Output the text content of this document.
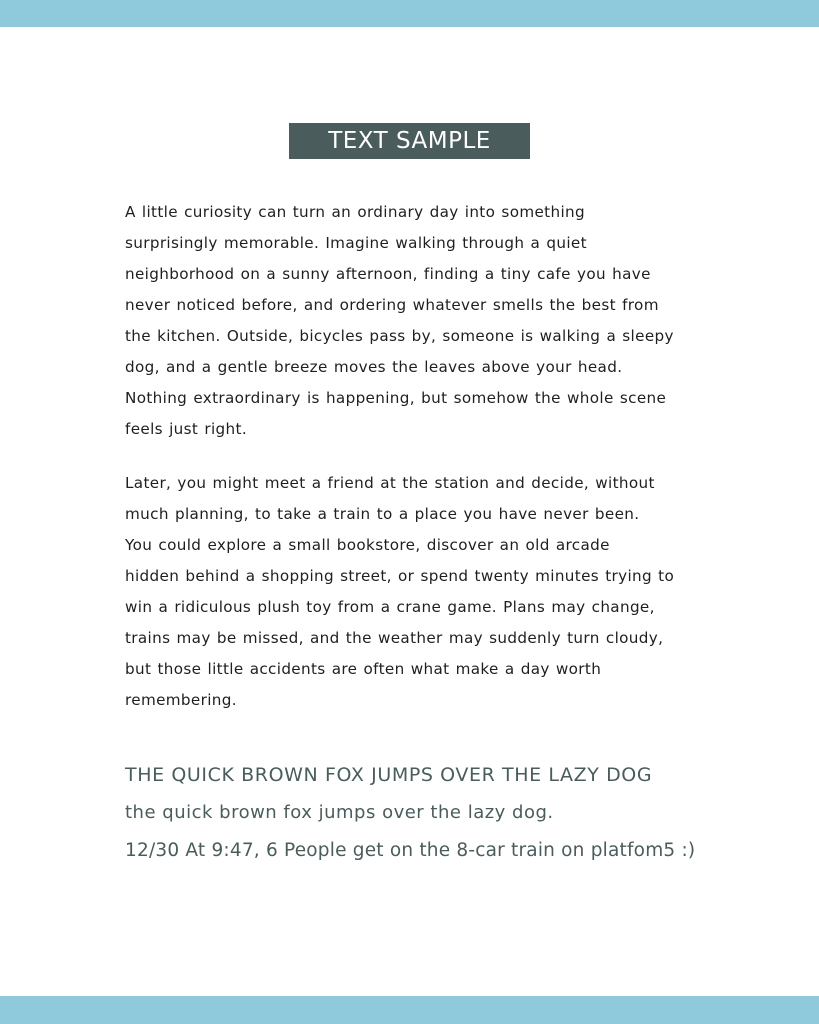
TEXT SAMPLE
A little curiosity can turn an ordinary day into something
surprisingly memorable. Imagine walking through a quiet
neighborhood on a sunny afternoon, finding a tiny cafe you have
never noticed before, and ordering whatever smells the best from
the kitchen. Outside, bicycles pass by, someone is walking a sleepy
dog, and a gentle breeze moves the leaves above your head.
Nothing extraordinary is happening, but somehow the whole scene
feels just right.
Later, you might meet a friend at the station and decide, without
much planning, to take a train to a place you have never been.
You could explore a small bookstore, discover an old arcade
hidden behind a shopping street, or spend twenty minutes trying to
win a ridiculous plush toy from a crane game. Plans may change,
trains may be missed, and the weather may suddenly turn cloudy,
but those little accidents are often what make a day worth
remembering.
THE QUICK BROWN FOX JUMPS OVER THE LAZY DOG
the quick brown fox jumps over the lazy dog.
12/30 At 9:47, 6 People get on the 8-car train on platfom5 :)
